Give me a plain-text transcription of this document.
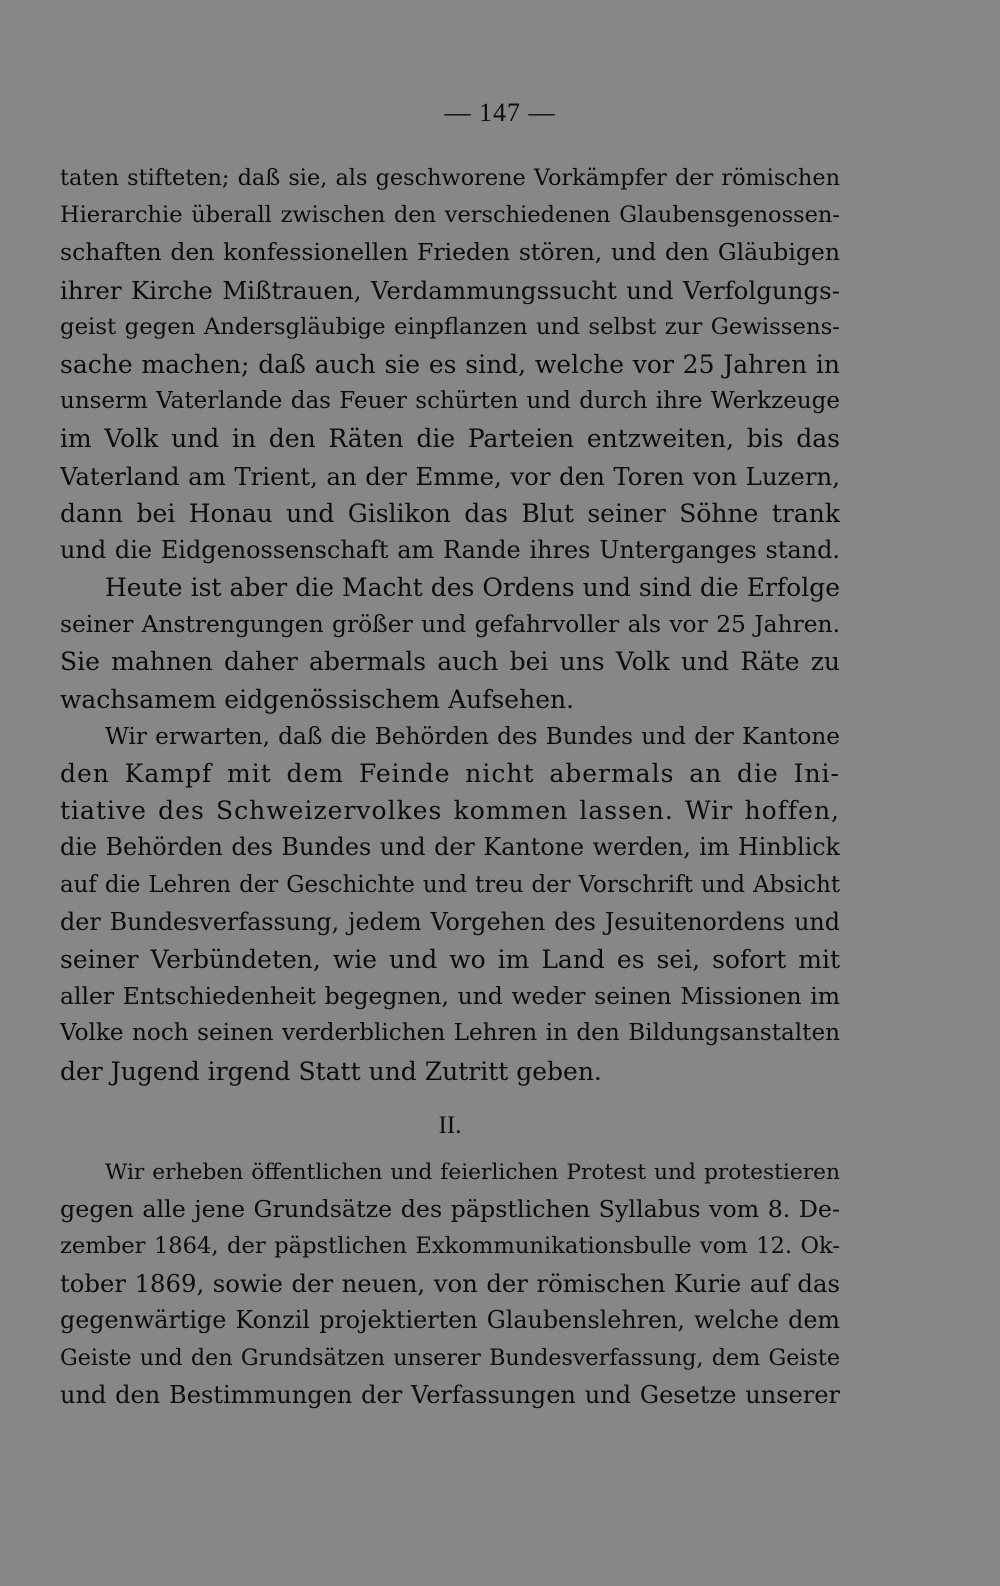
— 147 —
taten stifteten; daß sie, als geschworene Vorkämpfer der römischen
Hierarchie überall zwischen den verschiedenen Glaubensgenossen-
schaften den konfessionellen Frieden stören, und den Gläubigen
ihrer Kirche Mißtrauen, Verdammungssucht und Verfolgungs-
geist gegen Andersgläubige einpflanzen und selbst zur Gewissens-
sache machen; daß auch sie es sind, welche vor 25 Jahren in
unserm Vaterlande das Feuer schürten und durch ihre Werkzeuge
im Volk und in den Räten die Parteien entzweiten, bis das
Vaterland am Trient, an der Emme, vor den Toren von Luzern,
dann bei Honau und Gislikon das Blut seiner Söhne trank
und die Eidgenossenschaft am Rande ihres Unterganges stand.
Heute ist aber die Macht des Ordens und sind die Erfolge
seiner Anstrengungen größer und gefahrvoller als vor 25 Jahren.
Sie mahnen daher abermals auch bei uns Volk und Räte zu
wachsamem eidgenössischem Aufsehen.
Wir erwarten, daß die Behörden des Bundes und der Kantone
den Kampf mit dem Feinde nicht abermals an die Ini-
tiative des Schweizervolkes kommen lassen. Wir hoffen,
die Behörden des Bundes und der Kantone werden, im Hinblick
auf die Lehren der Geschichte und treu der Vorschrift und Absicht
der Bundesverfassung, jedem Vorgehen des Jesuitenordens und
seiner Verbündeten, wie und wo im Land es sei, sofort mit
aller Entschiedenheit begegnen, und weder seinen Missionen im
Volke noch seinen verderblichen Lehren in den Bildungsanstalten
der Jugend irgend Statt und Zutritt geben.
II.
Wir erheben öffentlichen und feierlichen Protest und protestieren
gegen alle jene Grundsätze des päpstlichen Syllabus vom 8. De-
zember 1864, der päpstlichen Exkommunikationsbulle vom 12. Ok-
tober 1869, sowie der neuen, von der römischen Kurie auf das
gegenwärtige Konzil projektierten Glaubenslehren, welche dem
Geiste und den Grundsätzen unserer Bundesverfassung, dem Geiste
und den Bestimmungen der Verfassungen und Gesetze unserer
